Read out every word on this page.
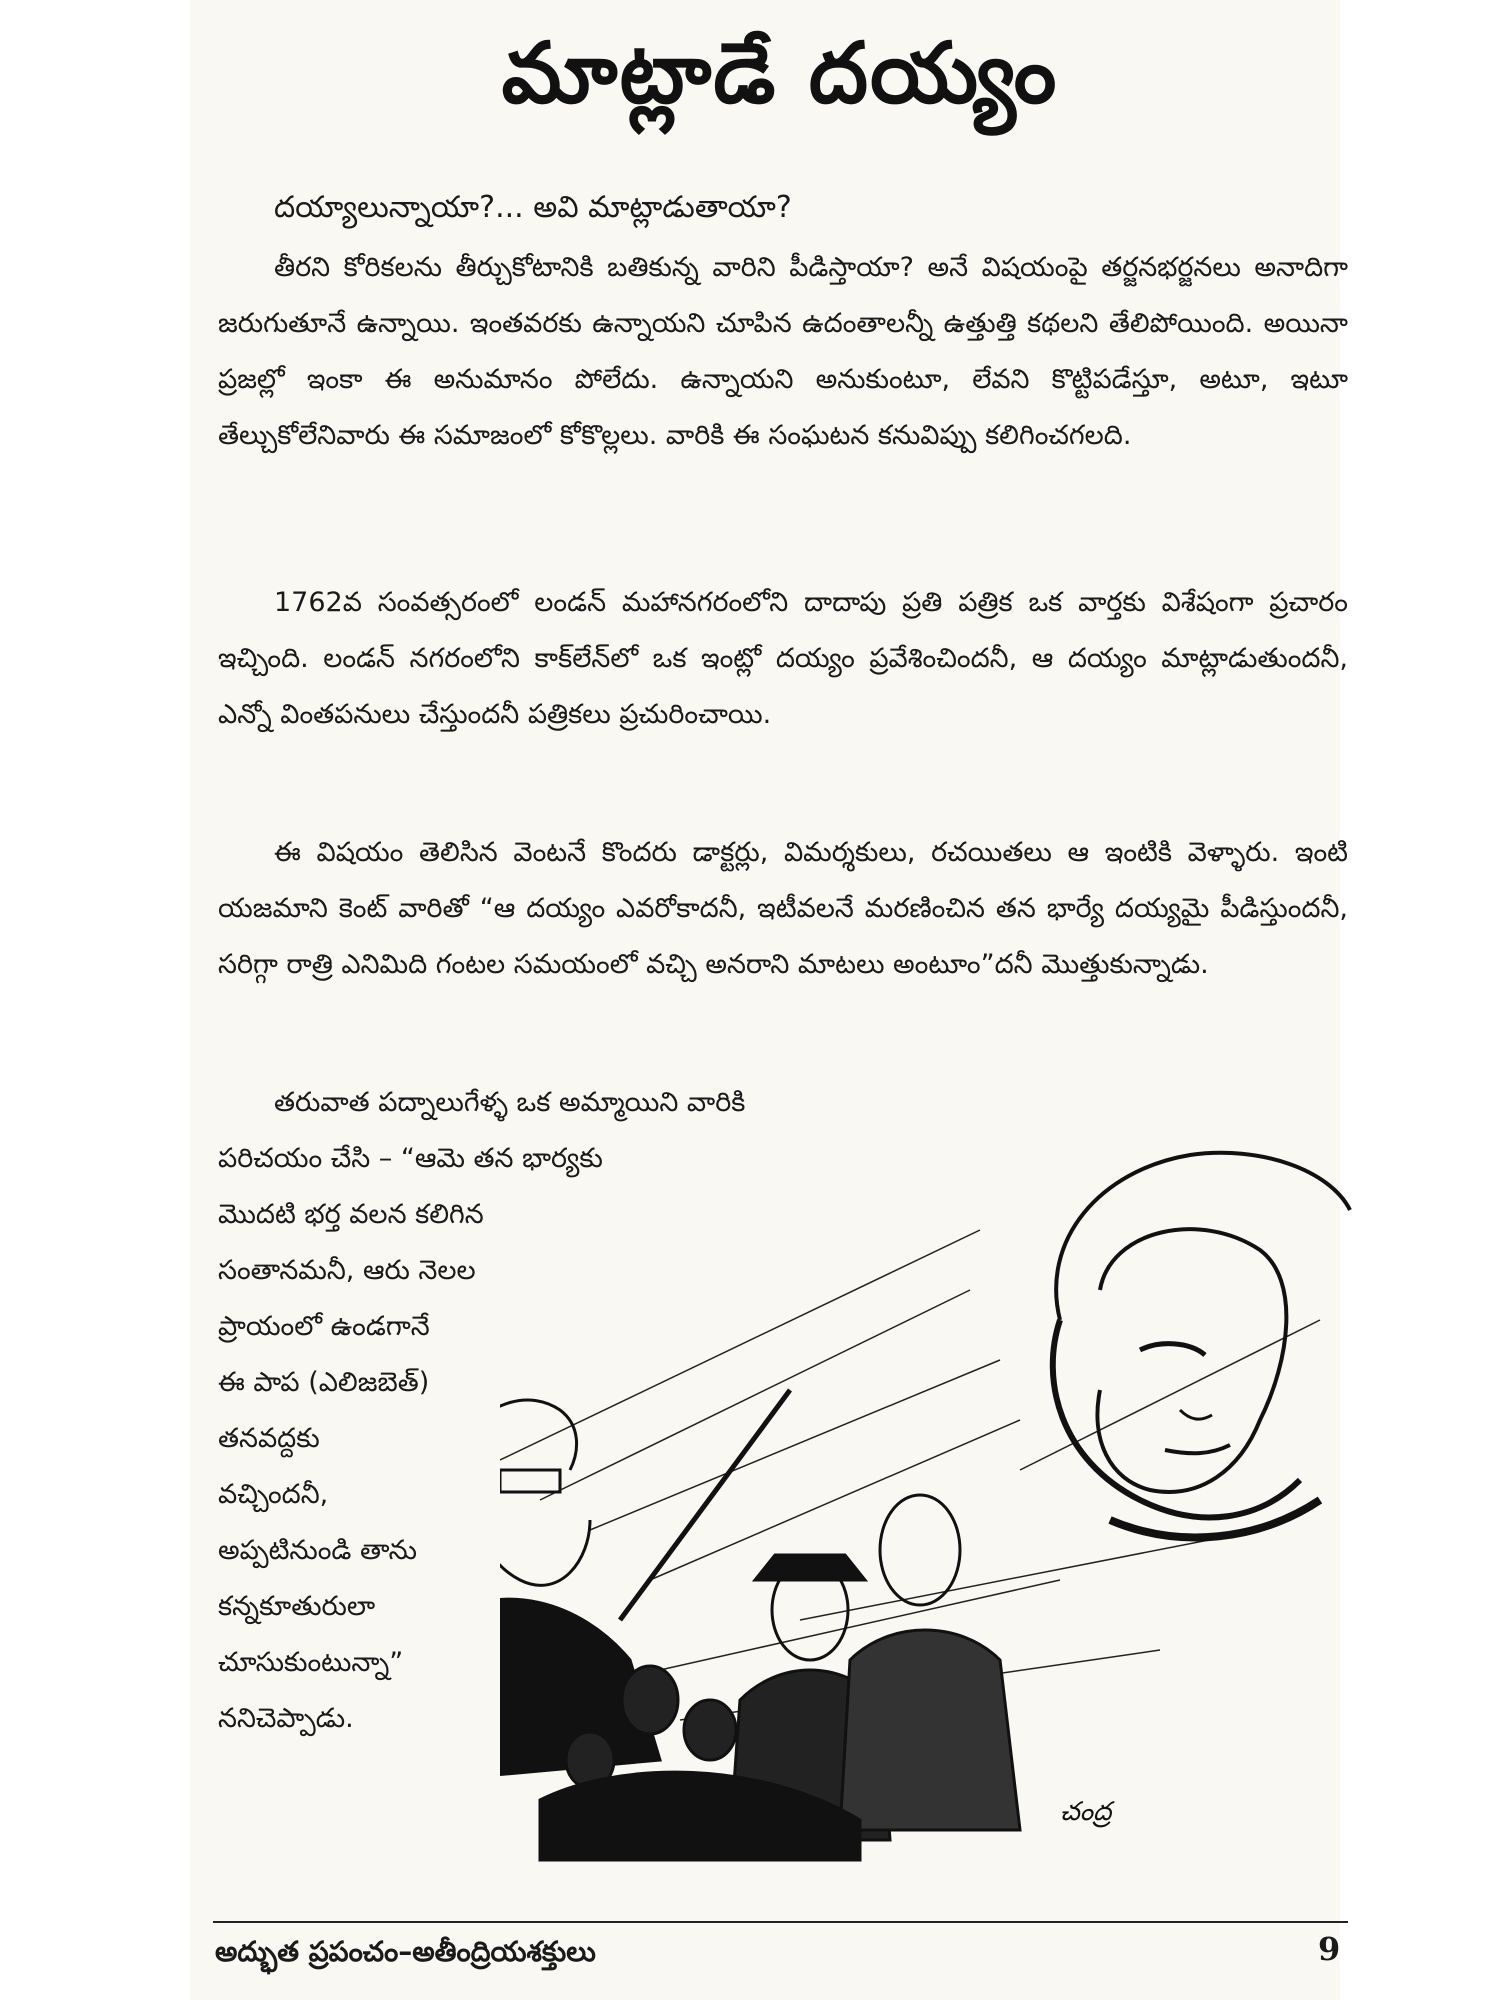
మాట్లాడే దయ్యం

దయ్యాలున్నాయా?... అవి మాట్లాడుతాయా?

తీరని కోరికలను తీర్చుకోటానికి బతికున్న వారిని పీడిస్తాయా? అనే విషయంపై తర్జనభర్జనలు అనాదిగా జరుగుతూనే ఉన్నాయి. ఇంతవరకు ఉన్నాయని చూపిన ఉదంతాలన్నీ ఉత్తుత్తి కథలని తేలిపోయింది. అయినా ప్రజల్లో ఇంకా ఈ అనుమానం పోలేదు. ఉన్నాయని అనుకుంటూ, లేవని కొట్టిపడేస్తూ, అటూ, ఇటూ తేల్చుకోలేనివారు ఈ సమాజంలో కోకొల్లలు. వారికి ఈ సంఘటన కనువిప్పు కలిగించగలది.

1762వ సంవత్సరంలో లండన్ మహానగరంలోని దాదాపు ప్రతి పత్రిక ఒక వార్తకు విశేషంగా ప్రచారం ఇచ్చింది. లండన్ నగరంలోని కాక్‌లేన్‌లో ఒక ఇంట్లో దయ్యం ప్రవేశించిందనీ, ఆ దయ్యం మాట్లాడుతుందనీ, ఎన్నో వింతపనులు చేస్తుందనీ పత్రికలు ప్రచురించాయి.

ఈ విషయం తెలిసిన వెంటనే కొందరు డాక్టర్లు, విమర్శకులు, రచయితలు ఆ ఇంటికి వెళ్ళారు. ఇంటి యజమాని కెంట్ వారితో “ఆ దయ్యం ఎవరోకాదనీ, ఇటీవలనే మరణించిన తన భార్యే దయ్యమై పీడిస్తుందనీ, సరిగ్గా రాత్రి ఎనిమిది గంటల సమయంలో వచ్చి అనరాని మాటలు అంటూం”దనీ మొత్తుకున్నాడు.

తరువాత పద్నాలుగేళ్ళ ఒక అమ్మాయిని వారికి
పరిచయం చేసి – “ఆమె తన భార్యకు
మొదటి భర్త వలన కలిగిన
సంతానమనీ, ఆరు నెలల
ప్రాయంలో ఉండగానే
ఈ పాప (ఎలిజబెత్)
తనవద్దకు
వచ్చిందనీ,
అప్పటినుండి తాను
కన్నకూతురులా
చూసుకుంటున్నా”
ననిచెప్పాడు.
చంద్ర
అద్భుత ప్రపంచం–అతీంద్రియశక్తులు	9
